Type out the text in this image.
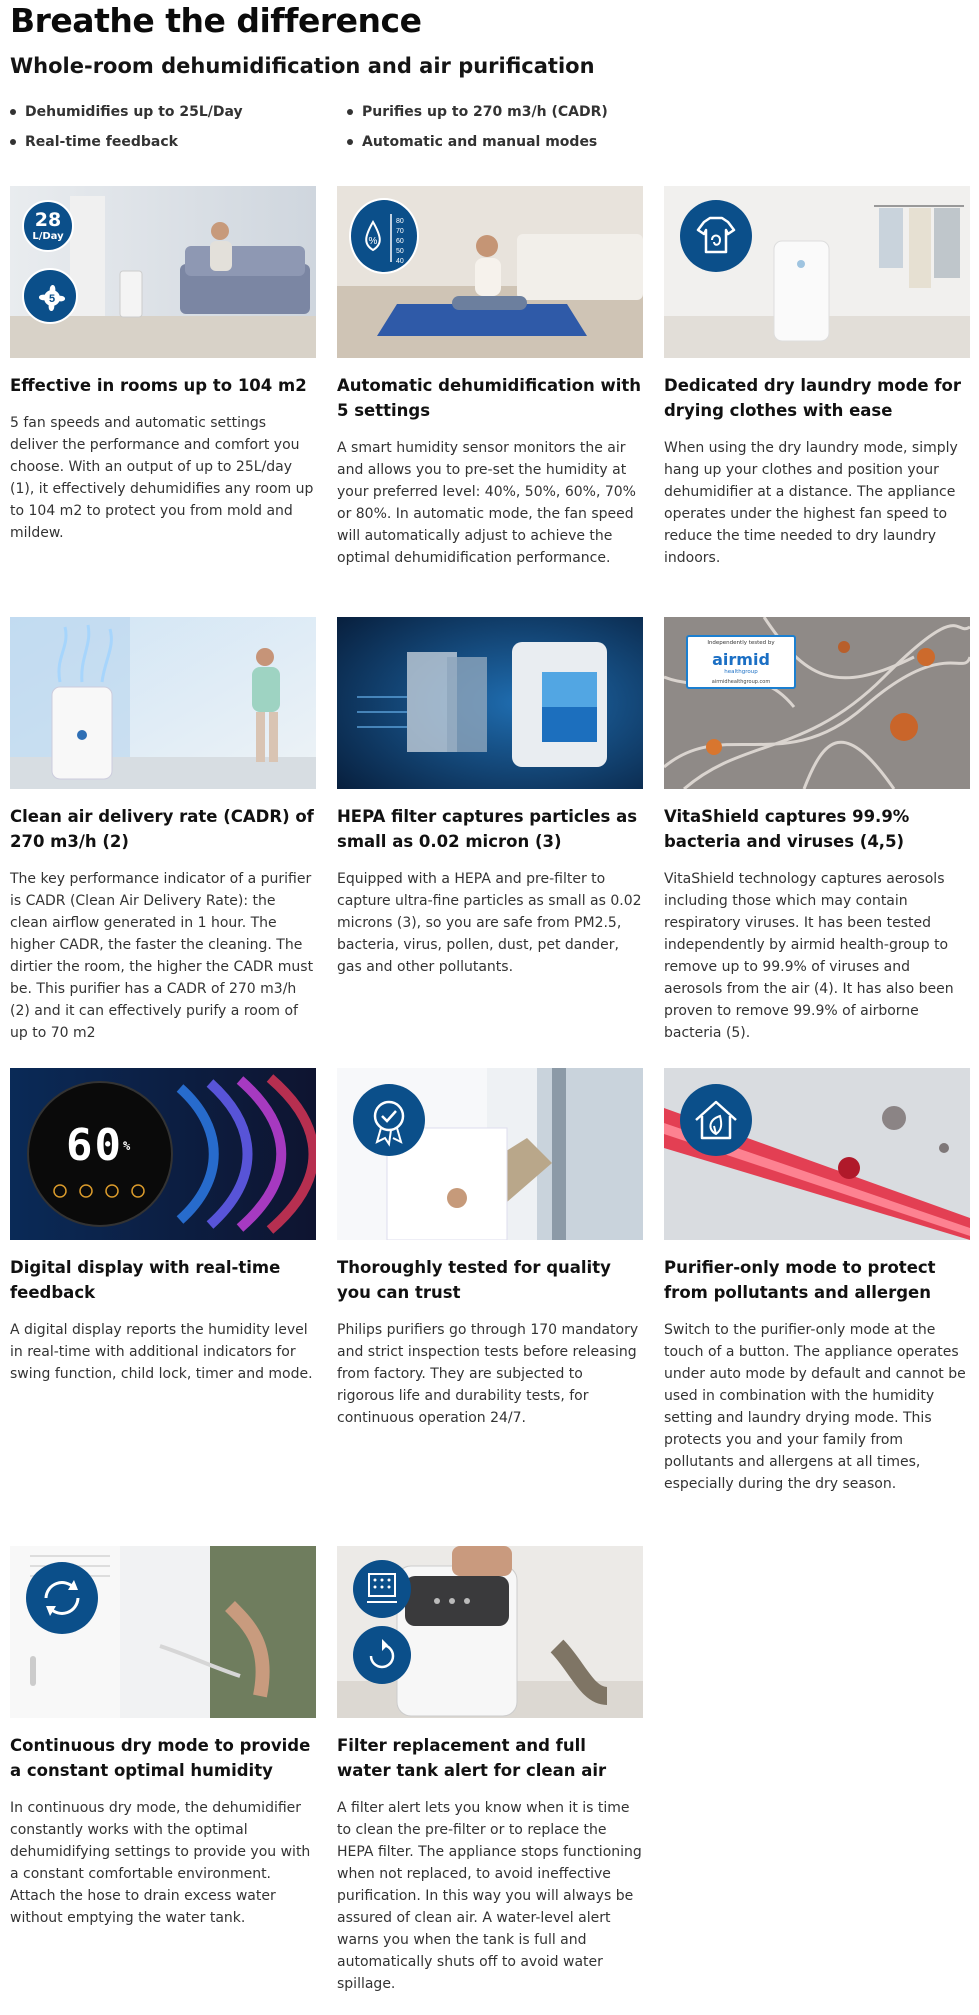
Breathe the difference
Whole-room dehumidification and air purification
Dehumidifies up to 25L/Day	Purifies up to 270 m3/h (CADR)
Real-time feedback	Automatic and manual modes
28
L/Day
5
Effective in rooms up to 104 m2

5 fan speeds and automatic settings deliver the performance and comfort you choose. With an output of up to 25L/day (1), it effectively dehumidifies any room up to 104 m2 to protect you from mold and mildew.

%
80
70
60
50
40
Automatic dehumidification with 5 settings

A smart humidity sensor monitors the air and allows you to pre-set the humidity at your preferred level: 40%, 50%, 60%, 70% or 80%. In automatic mode, the fan speed will automatically adjust to achieve the optimal dehumidification performance.

Dedicated dry laundry mode for drying clothes with ease

When using the dry laundry mode, simply hang up your clothes and position your dehumidifier at a distance. The appliance operates under the highest fan speed to reduce the time needed to dry laundry indoors.

Clean air delivery rate (CADR) of 270 m3/h (2)

The key performance indicator of a purifier is CADR (Clean Air Delivery Rate): the clean airflow generated in 1 hour. The higher CADR, the faster the cleaning. The dirtier the room, the higher the CADR must be. This purifier has a CADR of 270 m3/h (2) and it can effectively purify a room of up to 70 m2

HEPA filter captures particles as small as 0.02 micron (3)

Equipped with a HEPA and pre-filter to capture ultra-fine particles as small as 0.02 microns (3), so you are safe from PM2.5, bacteria, virus, pollen, dust, pet dander, gas and other pollutants.

Independently tested by
airmid
healthgroup
airmidhealthgroup.com
VitaShield captures 99.9% bacteria and viruses (4,5)

VitaShield technology captures aerosols including those which may contain respiratory viruses. It has been tested independently by airmid health-group to remove up to 99.9% of viruses and aerosols from the air (4). It has also been proven to remove 99.9% of airborne bacteria (5).

60%
Digital display with real-time feedback

A digital display reports the humidity level in real-time with additional indicators for swing function, child lock, timer and mode.

Thoroughly tested for quality you can trust

Philips purifiers go through 170 mandatory and strict inspection tests before releasing from factory. They are subjected to rigorous life and durability tests, for continuous operation 24/7.

Purifier-only mode to protect from pollutants and allergen

Switch to the purifier-only mode at the touch of a button. The appliance operates under auto mode by default and cannot be used in combination with the humidity setting and laundry drying mode. This protects you and your family from pollutants and allergens at all times, especially during the dry season.

Continuous dry mode to provide a constant optimal humidity

In continuous dry mode, the dehumidifier constantly works with the optimal dehumidifying settings to provide you with a constant comfortable environment. Attach the hose to drain excess water without emptying the water tank.

Filter replacement and full water tank alert for clean air

A filter alert lets you know when it is time to clean the pre-filter or to replace the HEPA filter. The appliance stops functioning when not replaced, to avoid ineffective purification. In this way you will always be assured of clean air. A water-level alert warns you when the tank is full and automatically shuts off to avoid water spillage.
